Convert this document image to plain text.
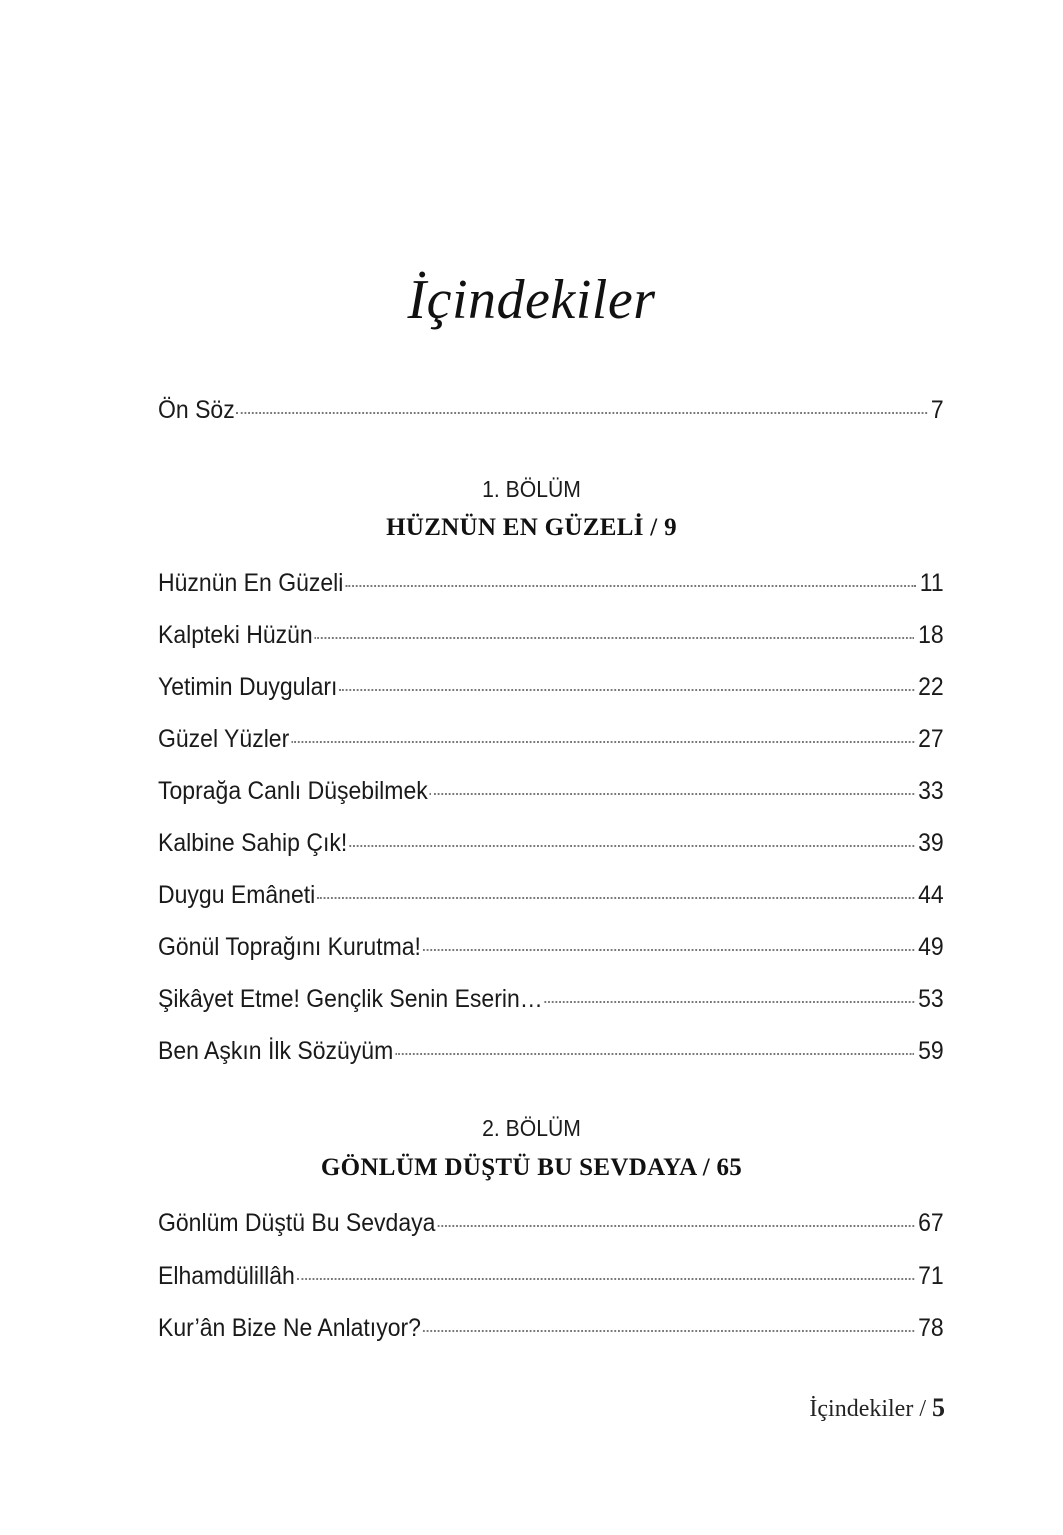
İçindekiler
Ön Söz	7
1. BÖLÜM
HÜZNÜN EN GÜZELİ / 9
Hüznün En Güzeli	11
Kalpteki Hüzün	18
Yetimin Duyguları	22
Güzel Yüzler	27
Toprağa Canlı Düşebilmek	33
Kalbine Sahip Çık!	39
Duygu Emâneti	44
Gönül Toprağını Kurutma!	49
Şikâyet Etme! Gençlik Senin Eserin…	53
Ben Aşkın İlk Sözüyüm	59
2. BÖLÜM
GÖNLÜM DÜŞTÜ BU SEVDAYA / 65
Gönlüm Düştü Bu Sevdaya	67
Elhamdülillâh	71
Kur’ân Bize Ne Anlatıyor?	78
İçindekiler / 5
